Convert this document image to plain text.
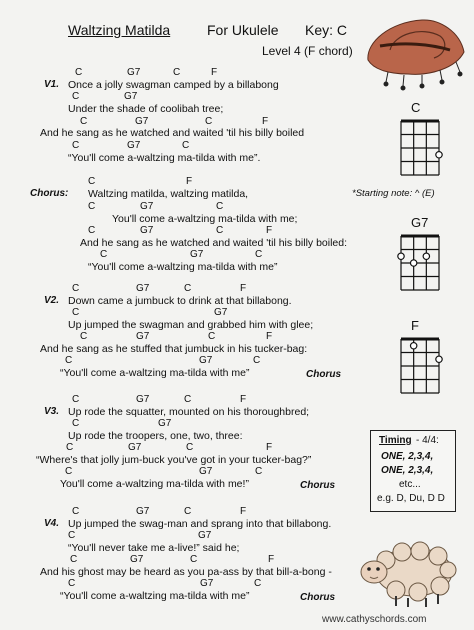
Waltzing Matilda	For Ukulele Key: C
Level 4 (F chord)
C	G7	C	F
V1. Once a jolly swagman camped by a billabong
C	G7
Under the shade of coolibah tree;
C	G7	C	F
And he sang as he watched and waited 'til his billy boiled
C	G7	C
“You'll come a-waltzing ma-tilda with me”.
C	F
Chorus: Waltzing matilda, waltzing matilda,
C	G7	C
You'll come a-waltzing ma-tilda with me;
C	G7	C	F
And he sang as he watched and waited 'til his billy boiled:
C	G7	C
“You'll come a-waltzing ma-tilda with me”
C	G7	C	F
V2. Down came a jumbuck to drink at that billabong.
C	G7
Up jumped the swagman and grabbed him with glee;
C	G7	C	F
And he sang as he stuffed that jumbuck in his tucker-bag:
C	G7	C
“You'll come a-waltzing ma-tilda with me”	Chorus
C	G7	C	F
V3. Up rode the squatter, mounted on his thoroughbred;
C	G7
Up rode the troopers, one, two, three:
C	G7	C	F
“Where's that jolly jum-buck you've got in your tucker-bag?”
C	G7	C
You'll come a-waltzing ma-tilda with me!”	Chorus
C	G7	C	F
V4. Up jumped the swag-man and sprang into that billabong.
C	G7
“You'll never take me a-live!” said he;
C	G7	C	F
And his ghost may be heard as you pa-ass by that bill-a-bong -
C	G7	C
“You'll come a-waltzing ma-tilda with me”	Chorus
C
G7
F
*Starting note: ^ (E)
Timing - 4/4:
ONE, 2,3,4,
ONE, 2,3,4,
etc...
e.g. D, Du, D D
www.cathyschords.com
